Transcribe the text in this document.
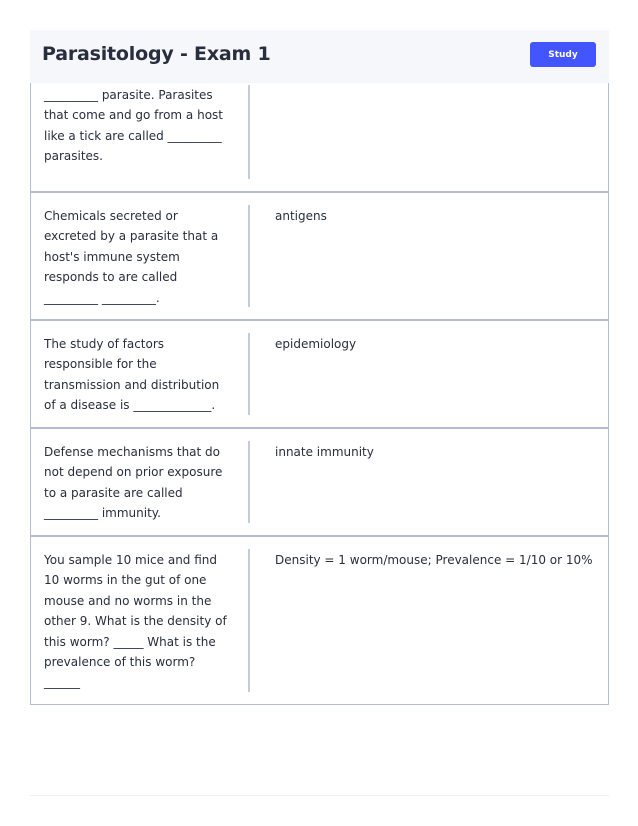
_________ parasite. Parasites that come and go from a host like a tick are called _________ parasites.
Chemicals secreted or excreted by a parasite that a host's immune system responds to are called _________ _________.
antigens
The study of factors responsible for the transmission and distribution of a disease is _____________.
epidemiology
Defense mechanisms that do not depend on prior exposure to a parasite are called _________ immunity.
innate immunity
You sample 10 mice and find 10 worms in the gut of one mouse and no worms in the other 9. What is the density of this worm? _____ What is the prevalence of this worm? ______
Density = 1 worm/mouse; Prevalence = 1/10 or 10%
Parasitology - Exam 1	Study
